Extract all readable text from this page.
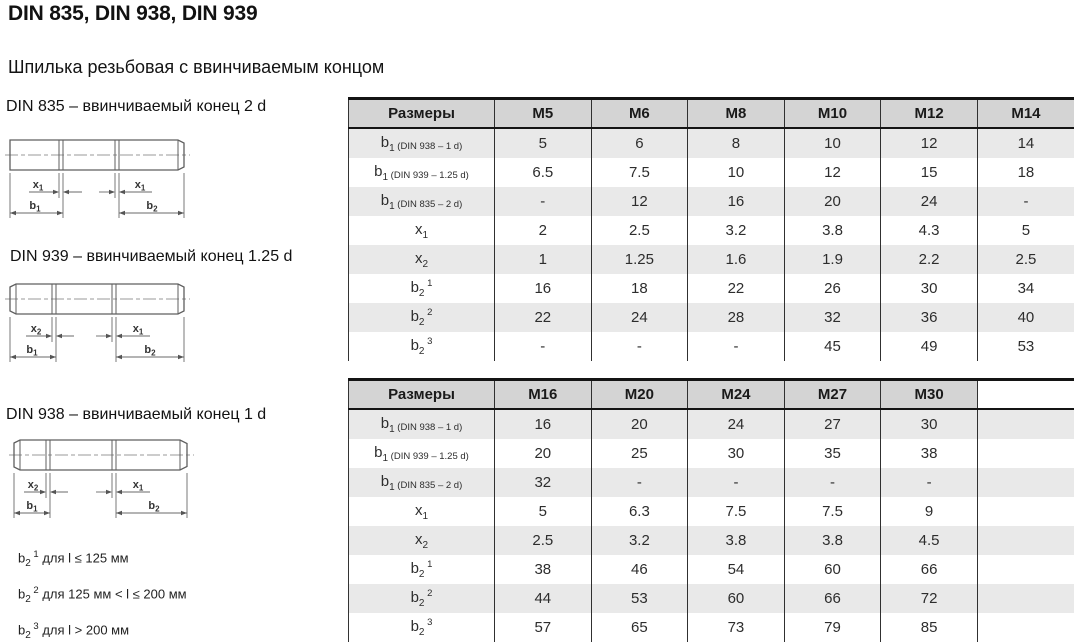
DIN 835, DIN 938, DIN 939
Шпилька резьбовая с ввинчиваемым концом
DIN 835 – ввинчиваемый конец 2 d
$x_1$	$x_1$
$b_1$	$b_2$
DIN 939 – ввинчиваемый конец 1.25 d
$x_2$	$x_1$
$b_1$	$b_2$
DIN 938 – ввинчиваемый конец 1 d
$x_2$	$x_1$
$b_1$	$b_2$
$b_2$ $^1$ для l ≤ 125 мм
$b_2$ $^2$ для 125 мм < l ≤ 200 мм
$b_2$ $^3$ для l > 200 мм
Размеры	M5	M6	M8	M10	M12	M14
$b_1$ (DIN 938 – 1 d)	5	6	8	10	12	14
$b_1$ (DIN 939 – 1.25 d)	6.5	7.5	10	12	15	18
$b_1$ (DIN 835 – 2 d)	-	12	16	20	24	-
$x_1$	2	2.5	3.2	3.8	4.3	5
$x_2$	1	1.25	1.6	1.9	2.2	2.5
$b_2$ $^1$	16	18	22	26	30	34
$b_2$ $^2$	22	24	28	32	36	40
$b_2$ $^3$	-	-	-	45	49	53
Размеры	M16	M20	M24	M27	M30	
$b_1$ (DIN 938 – 1 d)	16	20	24	27	30	
$b_1$ (DIN 939 – 1.25 d)	20	25	30	35	38	
$b_1$ (DIN 835 – 2 d)	32	-	-	-	-	
$x_1$	5	6.3	7.5	7.5	9	
$x_2$	2.5	3.2	3.8	3.8	4.5	
$b_2$ $^1$	38	46	54	60	66	
$b_2$ $^2$	44	53	60	66	72	
$b_2$ $^3$	57	65	73	79	85	
